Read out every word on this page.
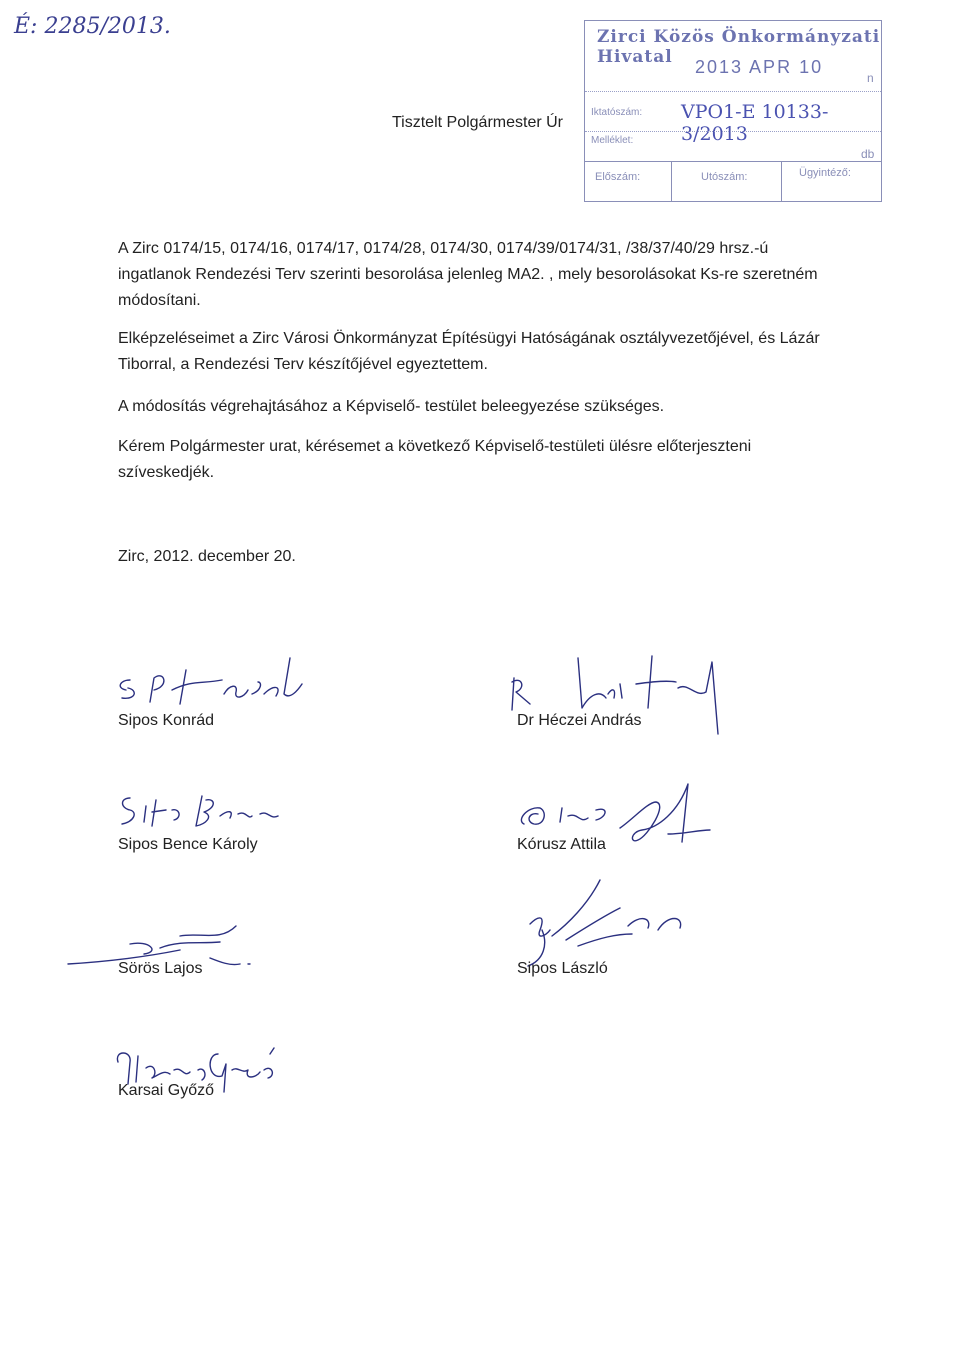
É: 2285/2013.	Zirci Közös Önkormányzati Hivatal	2013 APR 10
n
Iktatószám: VPO1-E 10133-3/2013
Melléklet:
db
Előszám:	Utószám:	Ügyintéző:
Tisztelt Polgármester Úr
A Zirc 0174/15, 0174/16, 0174/17, 0174/28, 0174/30, 0174/39/0174/31, /38/37/40/29 hrsz.-ú ingatlanok Rendezési Terv szerinti besorolása jelenleg MA2. , mely besorolásokat Ks-re szeretném módosítani.
Elképzeléseimet a Zirc Városi Önkormányzat Építésügyi Hatóságának osztályvezetőjével, és Lázár Tiborral, a Rendezési Terv készítőjével egyeztettem.
A módosítás végrehajtásához a Képviselő- testület beleegyezése szükséges.
Kérem Polgármester urat, kérésemet a következő Képviselő-testületi ülésre előterjeszteni szíveskedjék.
Zirc, 2012. december 20.
Sipos Konrád	Dr Héczei András
Sipos Bence Károly	Kórusz Attila
Sörös Lajos	Sipos László
Karsai Győző
